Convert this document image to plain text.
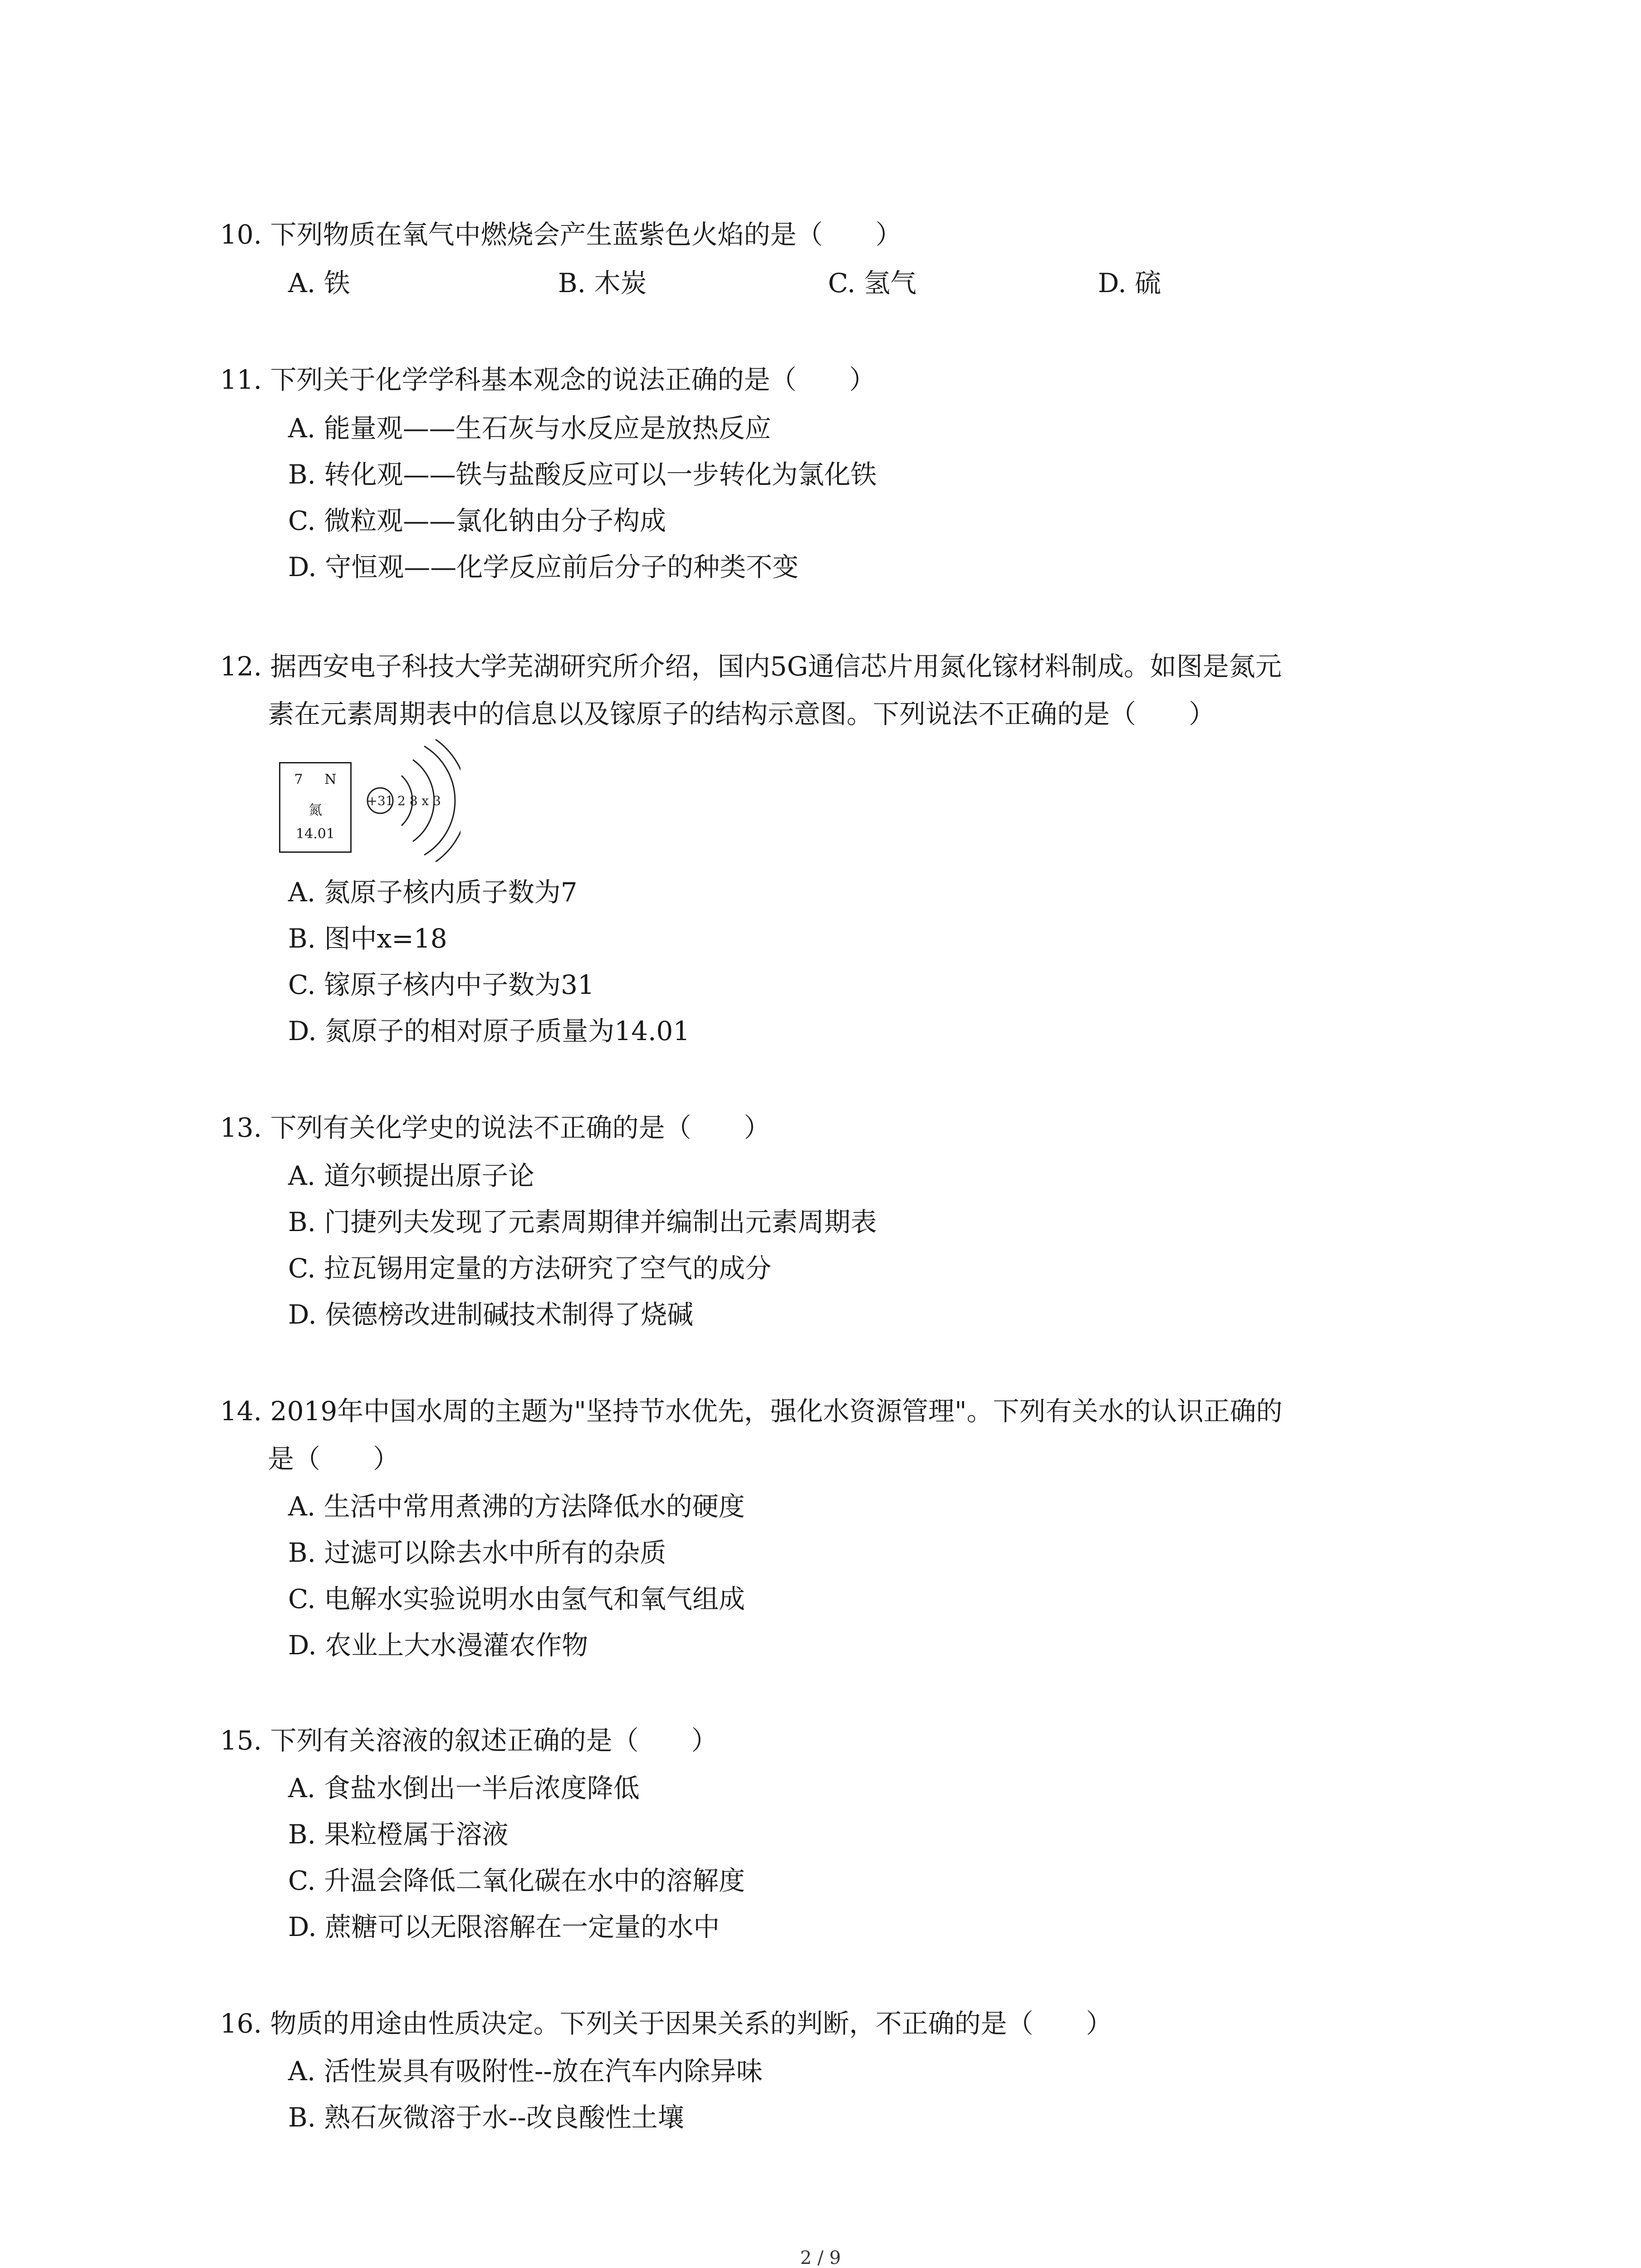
10. 下列物质在氧气中燃烧会产生蓝紫色火焰的是（　　）
A. 铁	B. 木炭	C. 氢气	D. 硫
11. 下列关于化学学科基本观念的说法正确的是（　　）
A. 能量观——生石灰与水反应是放热反应
B. 转化观——铁与盐酸反应可以一步转化为氯化铁
C. 微粒观——氯化钠由分子构成
D. 守恒观——化学反应前后分子的种类不变
12. 据西安电子科技大学芜湖研究所介绍，国内5G通信芯片用氮化镓材料制成。如图是氮元
素在元素周期表中的信息以及镓原子的结构示意图。下列说法不正确的是（　　）
7 N
氮
14.01
+31 2 8 x 3
A. 氮原子核内质子数为7
B. 图中x=18
C. 镓原子核内中子数为31
D. 氮原子的相对原子质量为14.01
13. 下列有关化学史的说法不正确的是（　　）
A. 道尔顿提出原子论
B. 门捷列夫发现了元素周期律并编制出元素周期表
C. 拉瓦锡用定量的方法研究了空气的成分
D. 侯德榜改进制碱技术制得了烧碱
14. 2019年中国水周的主题为"坚持节水优先，强化水资源管理"。下列有关水的认识正确的
是（　　）
A. 生活中常用煮沸的方法降低水的硬度
B. 过滤可以除去水中所有的杂质
C. 电解水实验说明水由氢气和氧气组成
D. 农业上大水漫灌农作物
15. 下列有关溶液的叙述正确的是（　　）
A. 食盐水倒出一半后浓度降低
B. 果粒橙属于溶液
C. 升温会降低二氧化碳在水中的溶解度
D. 蔗糖可以无限溶解在一定量的水中
16. 物质的用途由性质决定。下列关于因果关系的判断，不正确的是（　　）
A. 活性炭具有吸附性--放在汽车内除异味
B. 熟石灰微溶于水--改良酸性土壤
2 / 9
